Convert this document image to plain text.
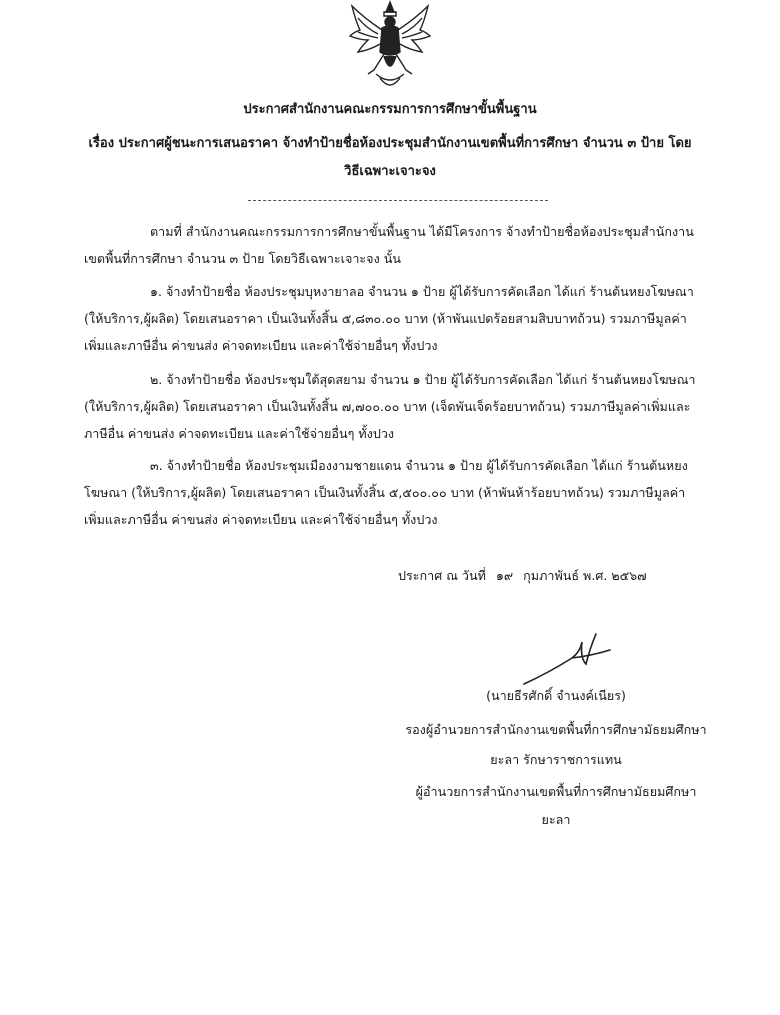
ประกาศสำนักงานคณะกรรมการการศึกษาขั้นพื้นฐาน
เรื่อง ประกาศผู้ชนะการเสนอราคา จ้างทำป้ายชื่อห้องประชุมสำนักงานเขตพื้นที่การศึกษา จำนวน ๓ ป้าย โดย
วิธีเฉพาะเจาะจง
ตามที่ สำนักงานคณะกรรมการการศึกษาขั้นพื้นฐาน ได้มีโครงการ จ้างทำป้ายชื่อห้องประชุมสำนักงาน
เขตพื้นที่การศึกษา จำนวน ๓ ป้าย โดยวิธีเฉพาะเจาะจง นั้น
๑. จ้างทำป้ายชื่อ ห้องประชุมบุหงายาลอ จำนวน ๑ ป้าย ผู้ได้รับการคัดเลือก ได้แก่ ร้านต้นหยงโฆษณา
(ให้บริการ,ผู้ผลิต) โดยเสนอราคา เป็นเงินทั้งสิ้น ๕,๘๓๐.๐๐ บาท (ห้าพันแปดร้อยสามสิบบาทถ้วน) รวมภาษีมูลค่า
เพิ่มและภาษีอื่น ค่าขนส่ง ค่าจดทะเบียน และค่าใช้จ่ายอื่นๆ ทั้งปวง
๒. จ้างทำป้ายชื่อ ห้องประชุมใต้สุดสยาม จำนวน ๑ ป้าย ผู้ได้รับการคัดเลือก ได้แก่ ร้านต้นหยงโฆษณา
(ให้บริการ,ผู้ผลิต) โดยเสนอราคา เป็นเงินทั้งสิ้น ๗,๗๐๐.๐๐ บาท (เจ็ดพันเจ็ดร้อยบาทถ้วน) รวมภาษีมูลค่าเพิ่มและ
ภาษีอื่น ค่าขนส่ง ค่าจดทะเบียน และค่าใช้จ่ายอื่นๆ ทั้งปวง
๓. จ้างทำป้ายชื่อ ห้องประชุมเมืองงามชายแดน จำนวน ๑ ป้าย ผู้ได้รับการคัดเลือก ได้แก่ ร้านต้นหยง
โฆษณา (ให้บริการ,ผู้ผลิต) โดยเสนอราคา เป็นเงินทั้งสิ้น ๕,๕๐๐.๐๐ บาท (ห้าพันห้าร้อยบาทถ้วน) รวมภาษีมูลค่า
เพิ่มและภาษีอื่น ค่าขนส่ง ค่าจดทะเบียน และค่าใช้จ่ายอื่นๆ ทั้งปวง
ประกาศ ณ วันที่ ๑๙ กุมภาพันธ์ พ.ศ. ๒๕๖๗
(นายธีรศักดิ์ จำนงค์เนียร)
รองผู้อำนวยการสำนักงานเขตพื้นที่การศึกษามัธยมศึกษา
ยะลา รักษาราชการแทน
ผู้อำนวยการสำนักงานเขตพื้นที่การศึกษามัธยมศึกษา
ยะลา
